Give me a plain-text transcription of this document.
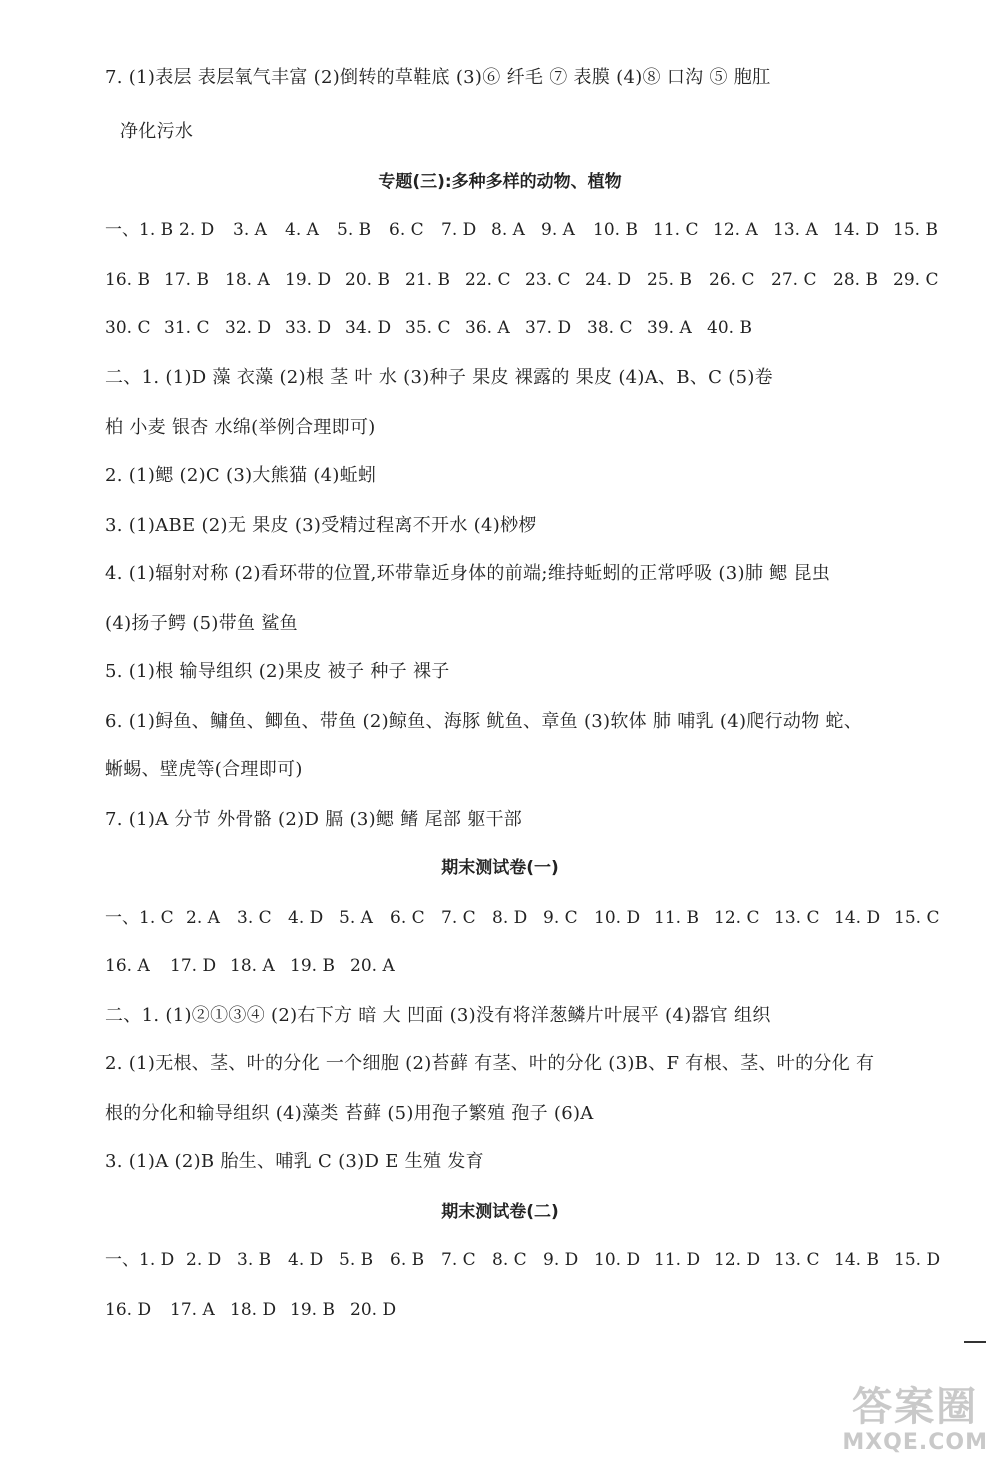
7. (1)表层 表层氧气丰富 (2)倒转的草鞋底 (3)⑥ 纤毛 ⑦ 表膜 (4)⑧ 口沟 ⑤ 胞肛
净化污水
专题(三):多种多样的动物、植物
一、1. B 2. D 3. A 4. A 5. B 6. C 7. D 8. A 9. A 10. B 11. C 12. A 13. A 14. D 15. B
16. B 17. B 18. A 19. D 20. B 21. B 22. C 23. C 24. D 25. B 26. C 27. C 28. B 29. C
30. C 31. C 32. D 33. D 34. D 35. C 36. A 37. D 38. C 39. A 40. B
二、1. (1)D 藻 衣藻 (2)根 茎 叶 水 (3)种子 果皮 裸露的 果皮 (4)A、B、C (5)卷
柏 小麦 银杏 水绵(举例合理即可)
2. (1)鳃 (2)C (3)大熊猫 (4)蚯蚓
3. (1)ABE (2)无 果皮 (3)受精过程离不开水 (4)桫椤
4. (1)辐射对称 (2)看环带的位置,环带靠近身体的前端;维持蚯蚓的正常呼吸 (3)肺 鳃 昆虫
(4)扬子鳄 (5)带鱼 鲨鱼
5. (1)根 输导组织 (2)果皮 被子 种子 裸子
6. (1)鲟鱼、鳙鱼、鲫鱼、带鱼 (2)鲸鱼、海豚 鱿鱼、章鱼 (3)软体 肺 哺乳 (4)爬行动物 蛇、
蜥蜴、壁虎等(合理即可)
7. (1)A 分节 外骨骼 (2)D 膈 (3)鳃 鳍 尾部 躯干部
期末测试卷(一)
一、1. C 2. A 3. C 4. D 5. A 6. C 7. C 8. D 9. C 10. D 11. B 12. C 13. C 14. D 15. C
16. A 17. D 18. A 19. B 20. A
二、1. (1)②①③④ (2)右下方 暗 大 凹面 (3)没有将洋葱鳞片叶展平 (4)器官 组织
2. (1)无根、茎、叶的分化 一个细胞 (2)苔藓 有茎、叶的分化 (3)B、F 有根、茎、叶的分化 有
根的分化和输导组织 (4)藻类 苔藓 (5)用孢子繁殖 孢子 (6)A
3. (1)A (2)B 胎生、哺乳 C (3)D E 生殖 发育
期末测试卷(二)
一、1. D 2. D 3. B 4. D 5. B 6. B 7. C 8. C 9. D 10. D 11. D 12. D 13. C 14. B 15. D
16. D 17. A 18. D 19. B 20. D
答案圈
MXQE.COM
